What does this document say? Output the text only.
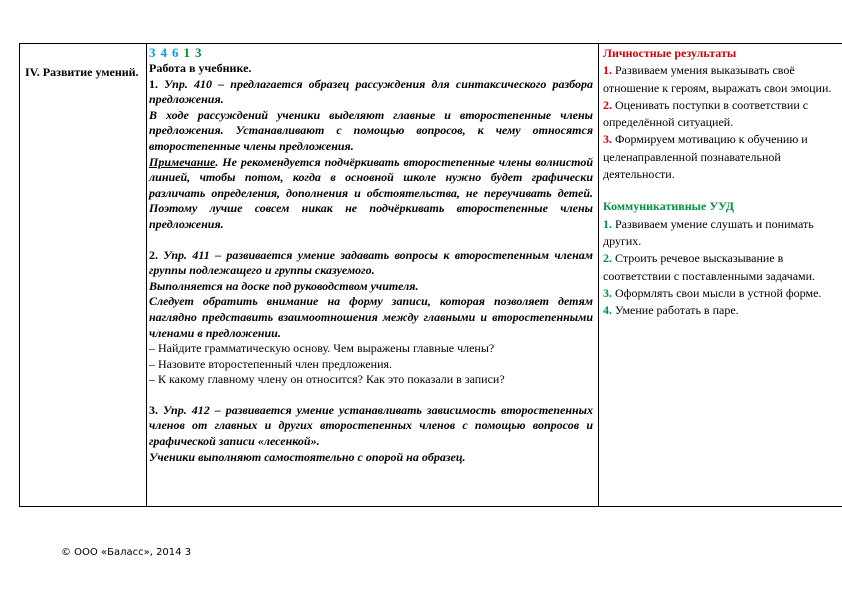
IV. Развитие умений.
3 4 6 1 3
Работа в учебнике.
1. Упр. 410 – предлагается образец рассуждения для синтаксического разбора предложения.
В ходе рассуждений ученики выделяют главные и второстепенные члены предложения. Устанавливают с помощью вопросов, к чему относятся второстепенные члены предложения.
Примечание. Не рекомендуется подчёркивать второстепенные члены волнистой линией, чтобы потом, когда в основной школе нужно будет графически различать определения, дополнения и обстоятельства, не переучивать детей. Поэтому лучше совсем никак не подчёркивать второстепенные члены предложения.
2. Упр. 411 – развивается умение задавать вопросы к второстепенным членам группы подлежащего и группы сказуемого.
Выполняется на доске под руководством учителя.
Следует обратить внимание на форму записи, которая позволяет детям наглядно представить взаимоотношения между главными и второстепенными членами в предложении.
– Найдите грамматическую основу. Чем выражены главные члены?
– Назовите второстепенный член предложения.
– К какому главному члену он относится? Как это показали в записи?
3. Упр. 412 – развивается умение устанавливать зависимость второстепенных членов от главных и других второстепенных членов с помощью вопросов и графической записи «лесенкой».
Ученики выполняют самостоятельно с опорой на образец.
Личностные результаты
1. Развиваем умения выказывать своё отношение к героям, выражать свои эмоции.
2. Оценивать поступки в соответствии с определённой ситуацией.
3. Формируем мотивацию к обучению и целенаправленной познавательной деятельности.
Коммуникативные УУД
1. Развиваем умение слушать и понимать других.
2. Строить речевое высказывание в соответствии с поставленными задачами.
3. Оформлять свои мысли в устной форме.
4. Умение работать в паре.
© ООО «Баласс», 2014 3
